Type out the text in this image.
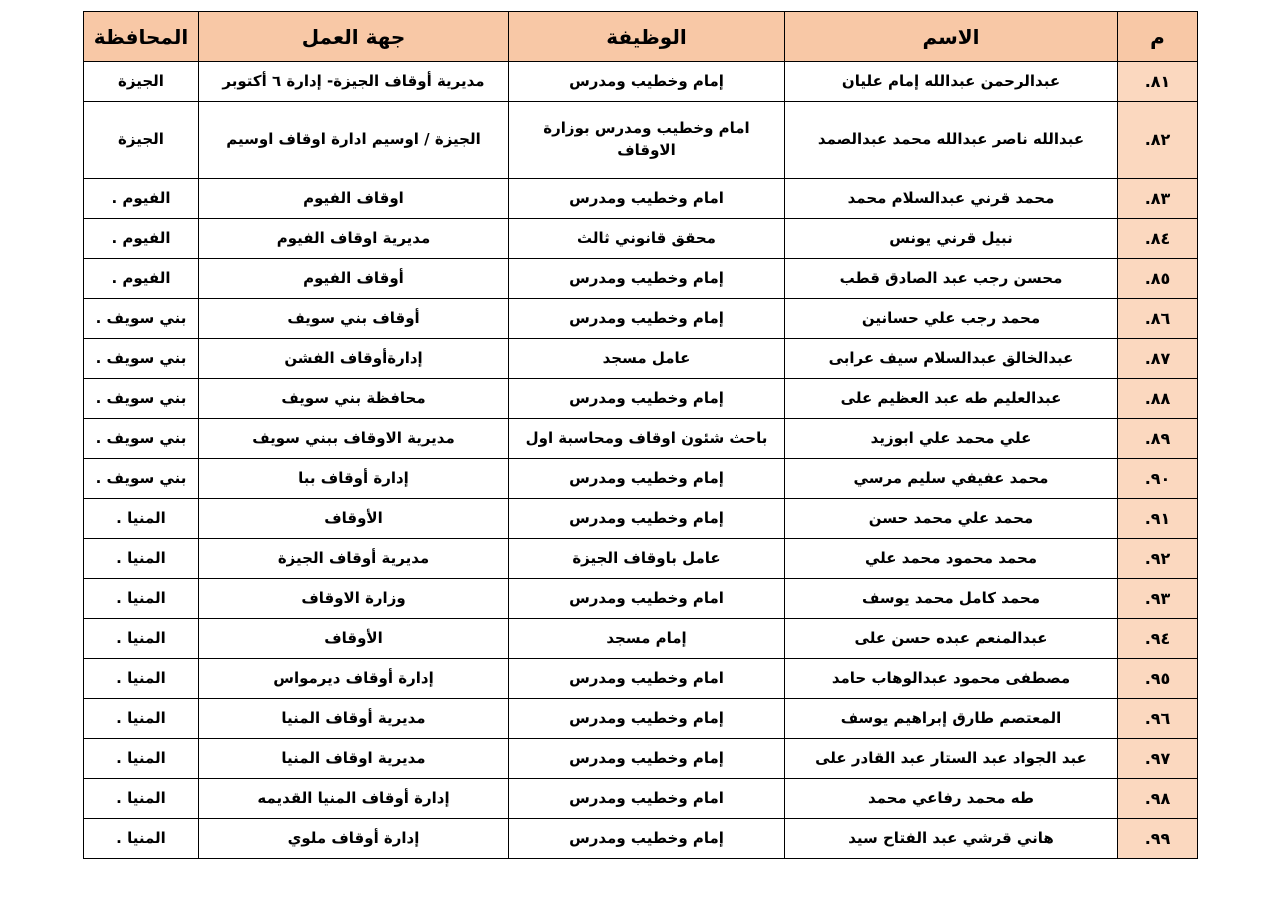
م	الاسم	الوظيفة	جهة العمل	المحافظة
٨١.	عبدالرحمن عبدالله إمام عليان	إمام وخطيب ومدرس	مديرية أوقاف الجيزة- إدارة ٦ أكتوبر	الجيزة
٨٢.	عبدالله ناصر عبدالله محمد عبدالصمد	امام وخطيب ومدرس بوزارة الاوقاف	الجيزة / اوسيم ادارة اوقاف اوسيم	الجيزة
٨٣.	محمد قرني عبدالسلام محمد	امام وخطيب ومدرس	اوقاف الفيوم	الفيوم .
٨٤.	نبيل قرني يونس	محقق قانوني ثالث	مديرية اوقاف الفيوم	الفيوم .
٨٥.	محسن رجب عبد الصادق قطب	إمام وخطيب ومدرس	أوقاف الفيوم	الفيوم .
٨٦.	محمد رجب علي حسانين	إمام وخطيب ومدرس	أوقاف بني سويف	بني سويف .
٨٧.	عبدالخالق عبدالسلام سيف عرابى	عامل مسجد	إدارةأوقاف الفشن	بني سويف .
٨٨.	عبدالعليم طه عبد العظيم على	إمام وخطيب ومدرس	محافظة بني سويف	بني سويف .
٨٩.	علي محمد علي ابوزيد	باحث شئون اوقاف ومحاسبة اول	مديرية الاوقاف ببني سويف	بني سويف .
٩٠.	محمد عفيفي سليم مرسي	إمام وخطيب ومدرس	إدارة أوقاف ببا	بني سويف .
٩١.	محمد علي محمد حسن	إمام وخطيب ومدرس	الأوقاف	المنيا .
٩٢.	محمد محمود محمد علي	عامل باوقاف الجيزة	مديرية أوقاف الجيزة	المنيا .
٩٣.	محمد كامل محمد يوسف	امام وخطيب ومدرس	وزارة الاوقاف	المنيا .
٩٤.	عبدالمنعم عبده حسن على	إمام مسجد	الأوقاف	المنيا .
٩٥.	مصطفى محمود عبدالوهاب حامد	امام وخطيب ومدرس	إدارة أوقاف ديرمواس	المنيا .
٩٦.	المعتصم طارق إبراهيم يوسف	إمام وخطيب ومدرس	مديرية أوقاف المنيا	المنيا .
٩٧.	عبد الجواد عبد الستار عبد القادر على	إمام وخطيب ومدرس	مديرية اوقاف المنيا	المنيا .
٩٨.	طه محمد رفاعي محمد	امام وخطيب ومدرس	إدارة أوقاف المنيا القديمه	المنيا .
٩٩.	هاني قرشي عبد الفتاح سيد	إمام وخطيب ومدرس	إدارة أوقاف ملوي	المنيا .
